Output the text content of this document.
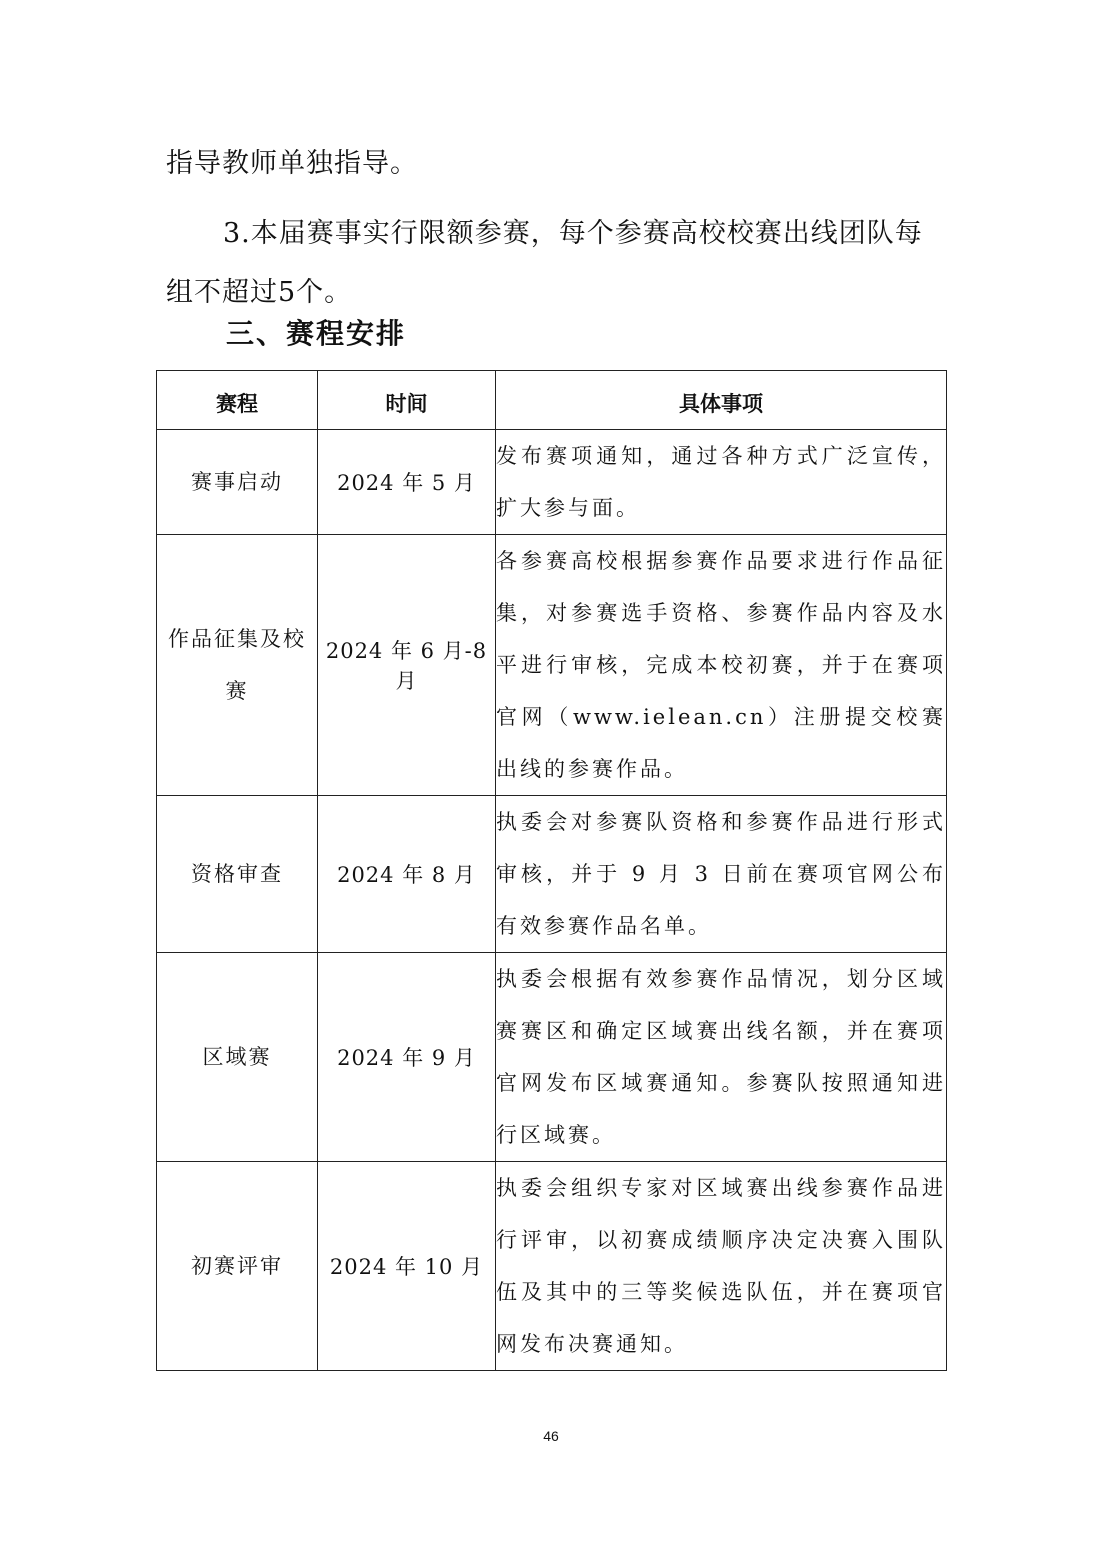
指导教师单独指导。

3.本届赛事实行限额参赛，每个参赛高校校赛出线团队每组不超过5个。

三、赛程安排
赛程	时间	具体事项
赛事启动	2024 年 5 月	发布赛项通知，通过各种方式广泛宣传，扩大参与面。
作品征集及校赛	2024 年 6 月-8 月	各参赛高校根据参赛作品要求进行作品征集，对参赛选手资格、参赛作品内容及水平进行审核，完成本校初赛，并于在赛项官网（www.ielean.cn）注册提交校赛出线的参赛作品。
资格审查	2024 年 8 月	执委会对参赛队资格和参赛作品进行形式审核，并于 9 月 3 日前在赛项官网公布有效参赛作品名单。
区域赛	2024 年 9 月	执委会根据有效参赛作品情况，划分区域赛赛区和确定区域赛出线名额，并在赛项官网发布区域赛通知。参赛队按照通知进行区域赛。
初赛评审	2024 年 10 月	执委会组织专家对区域赛出线参赛作品进行评审，以初赛成绩顺序决定决赛入围队伍及其中的三等奖候选队伍，并在赛项官网发布决赛通知。
46
